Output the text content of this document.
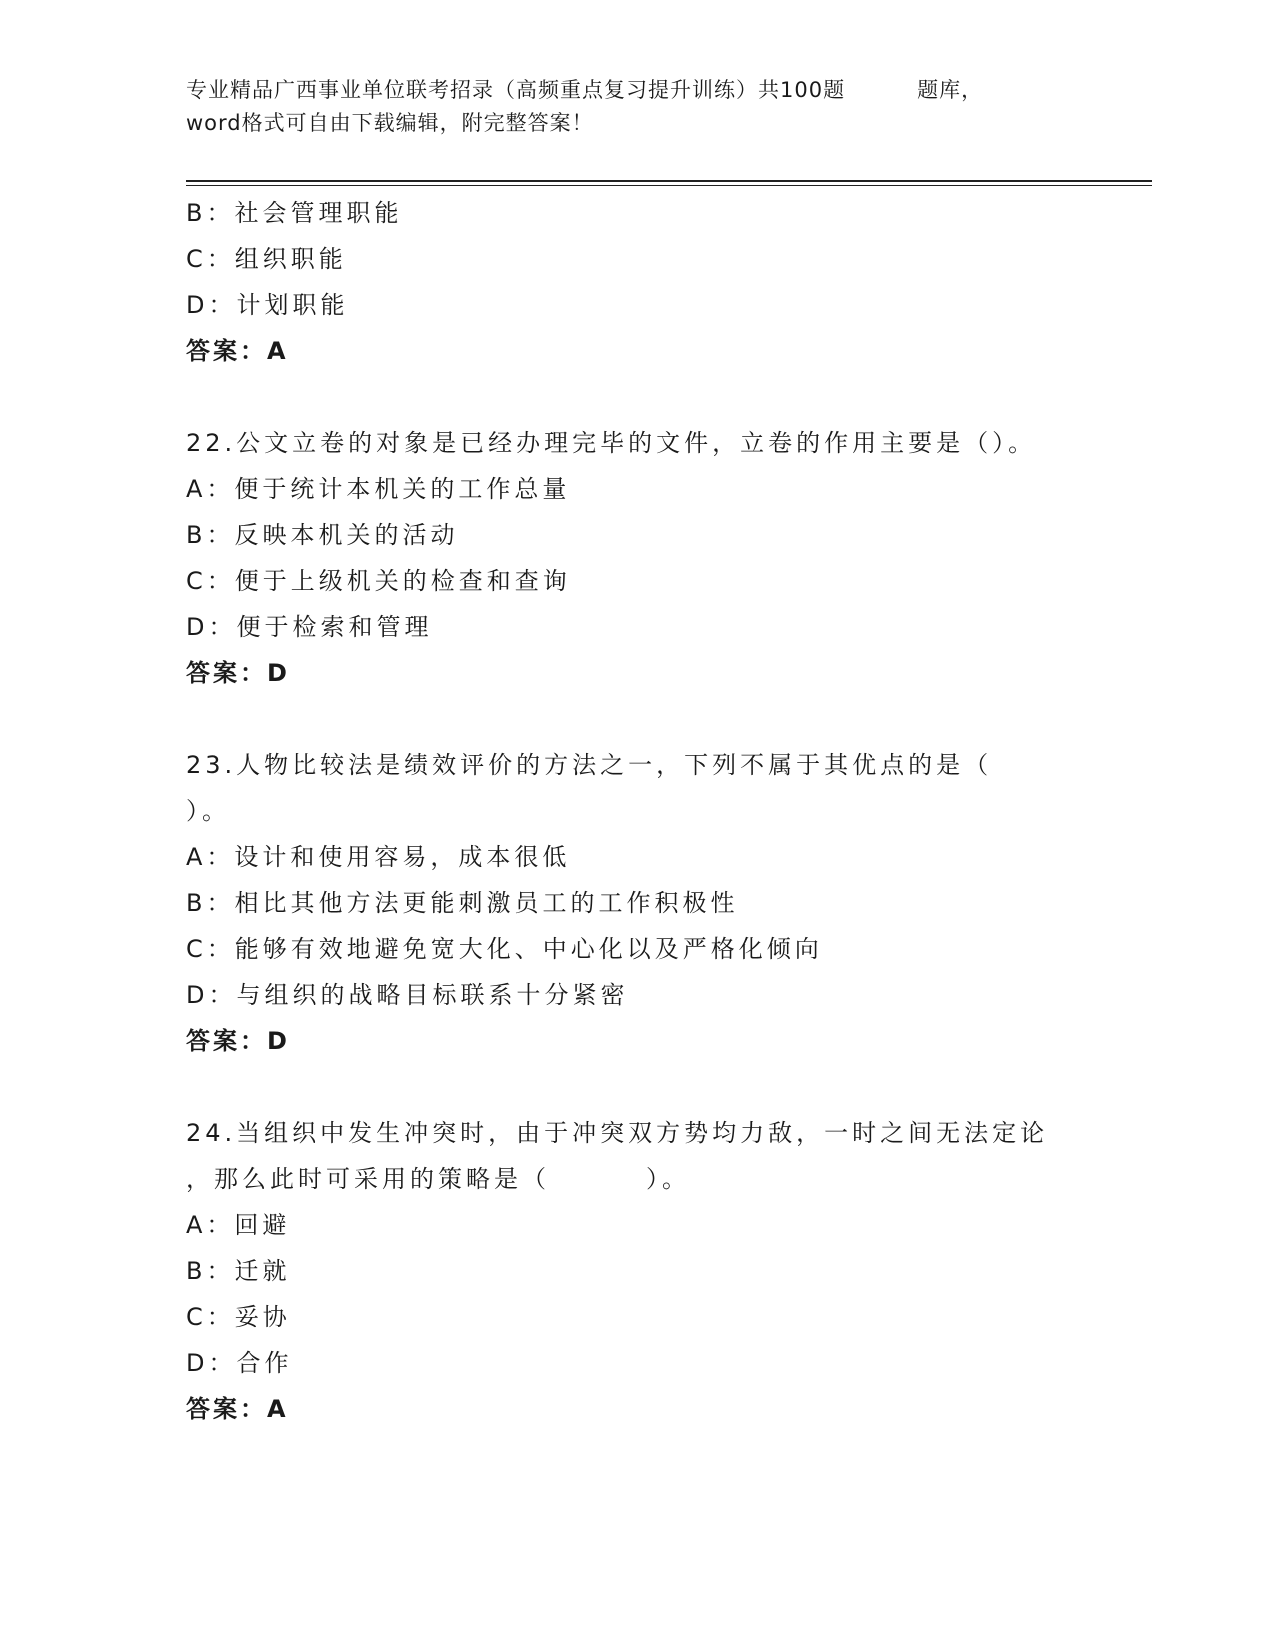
专业精品广西事业单位联考招录（高频重点复习提升训练）共100题	题库，
word格式可自由下载编辑，附完整答案！
B：社会管理职能
C：组织职能
D：计划职能
答案：A
22.公文立卷的对象是已经办理完毕的文件，立卷的作用主要是（）。
A：便于统计本机关的工作总量
B：反映本机关的活动
C：便于上级机关的检查和查询
D：便于检索和管理
答案：D
23.人物比较法是绩效评价的方法之一，下列不属于其优点的是（
）。
A：设计和使用容易，成本很低
B：相比其他方法更能刺激员工的工作积极性
C：能够有效地避免宽大化、中心化以及严格化倾向
D：与组织的战略目标联系十分紧密
答案：D
24.当组织中发生冲突时，由于冲突双方势均力敌，一时之间无法定论
，那么此时可采用的策略是（	）。
A：回避
B：迁就
C：妥协
D：合作
答案：A
